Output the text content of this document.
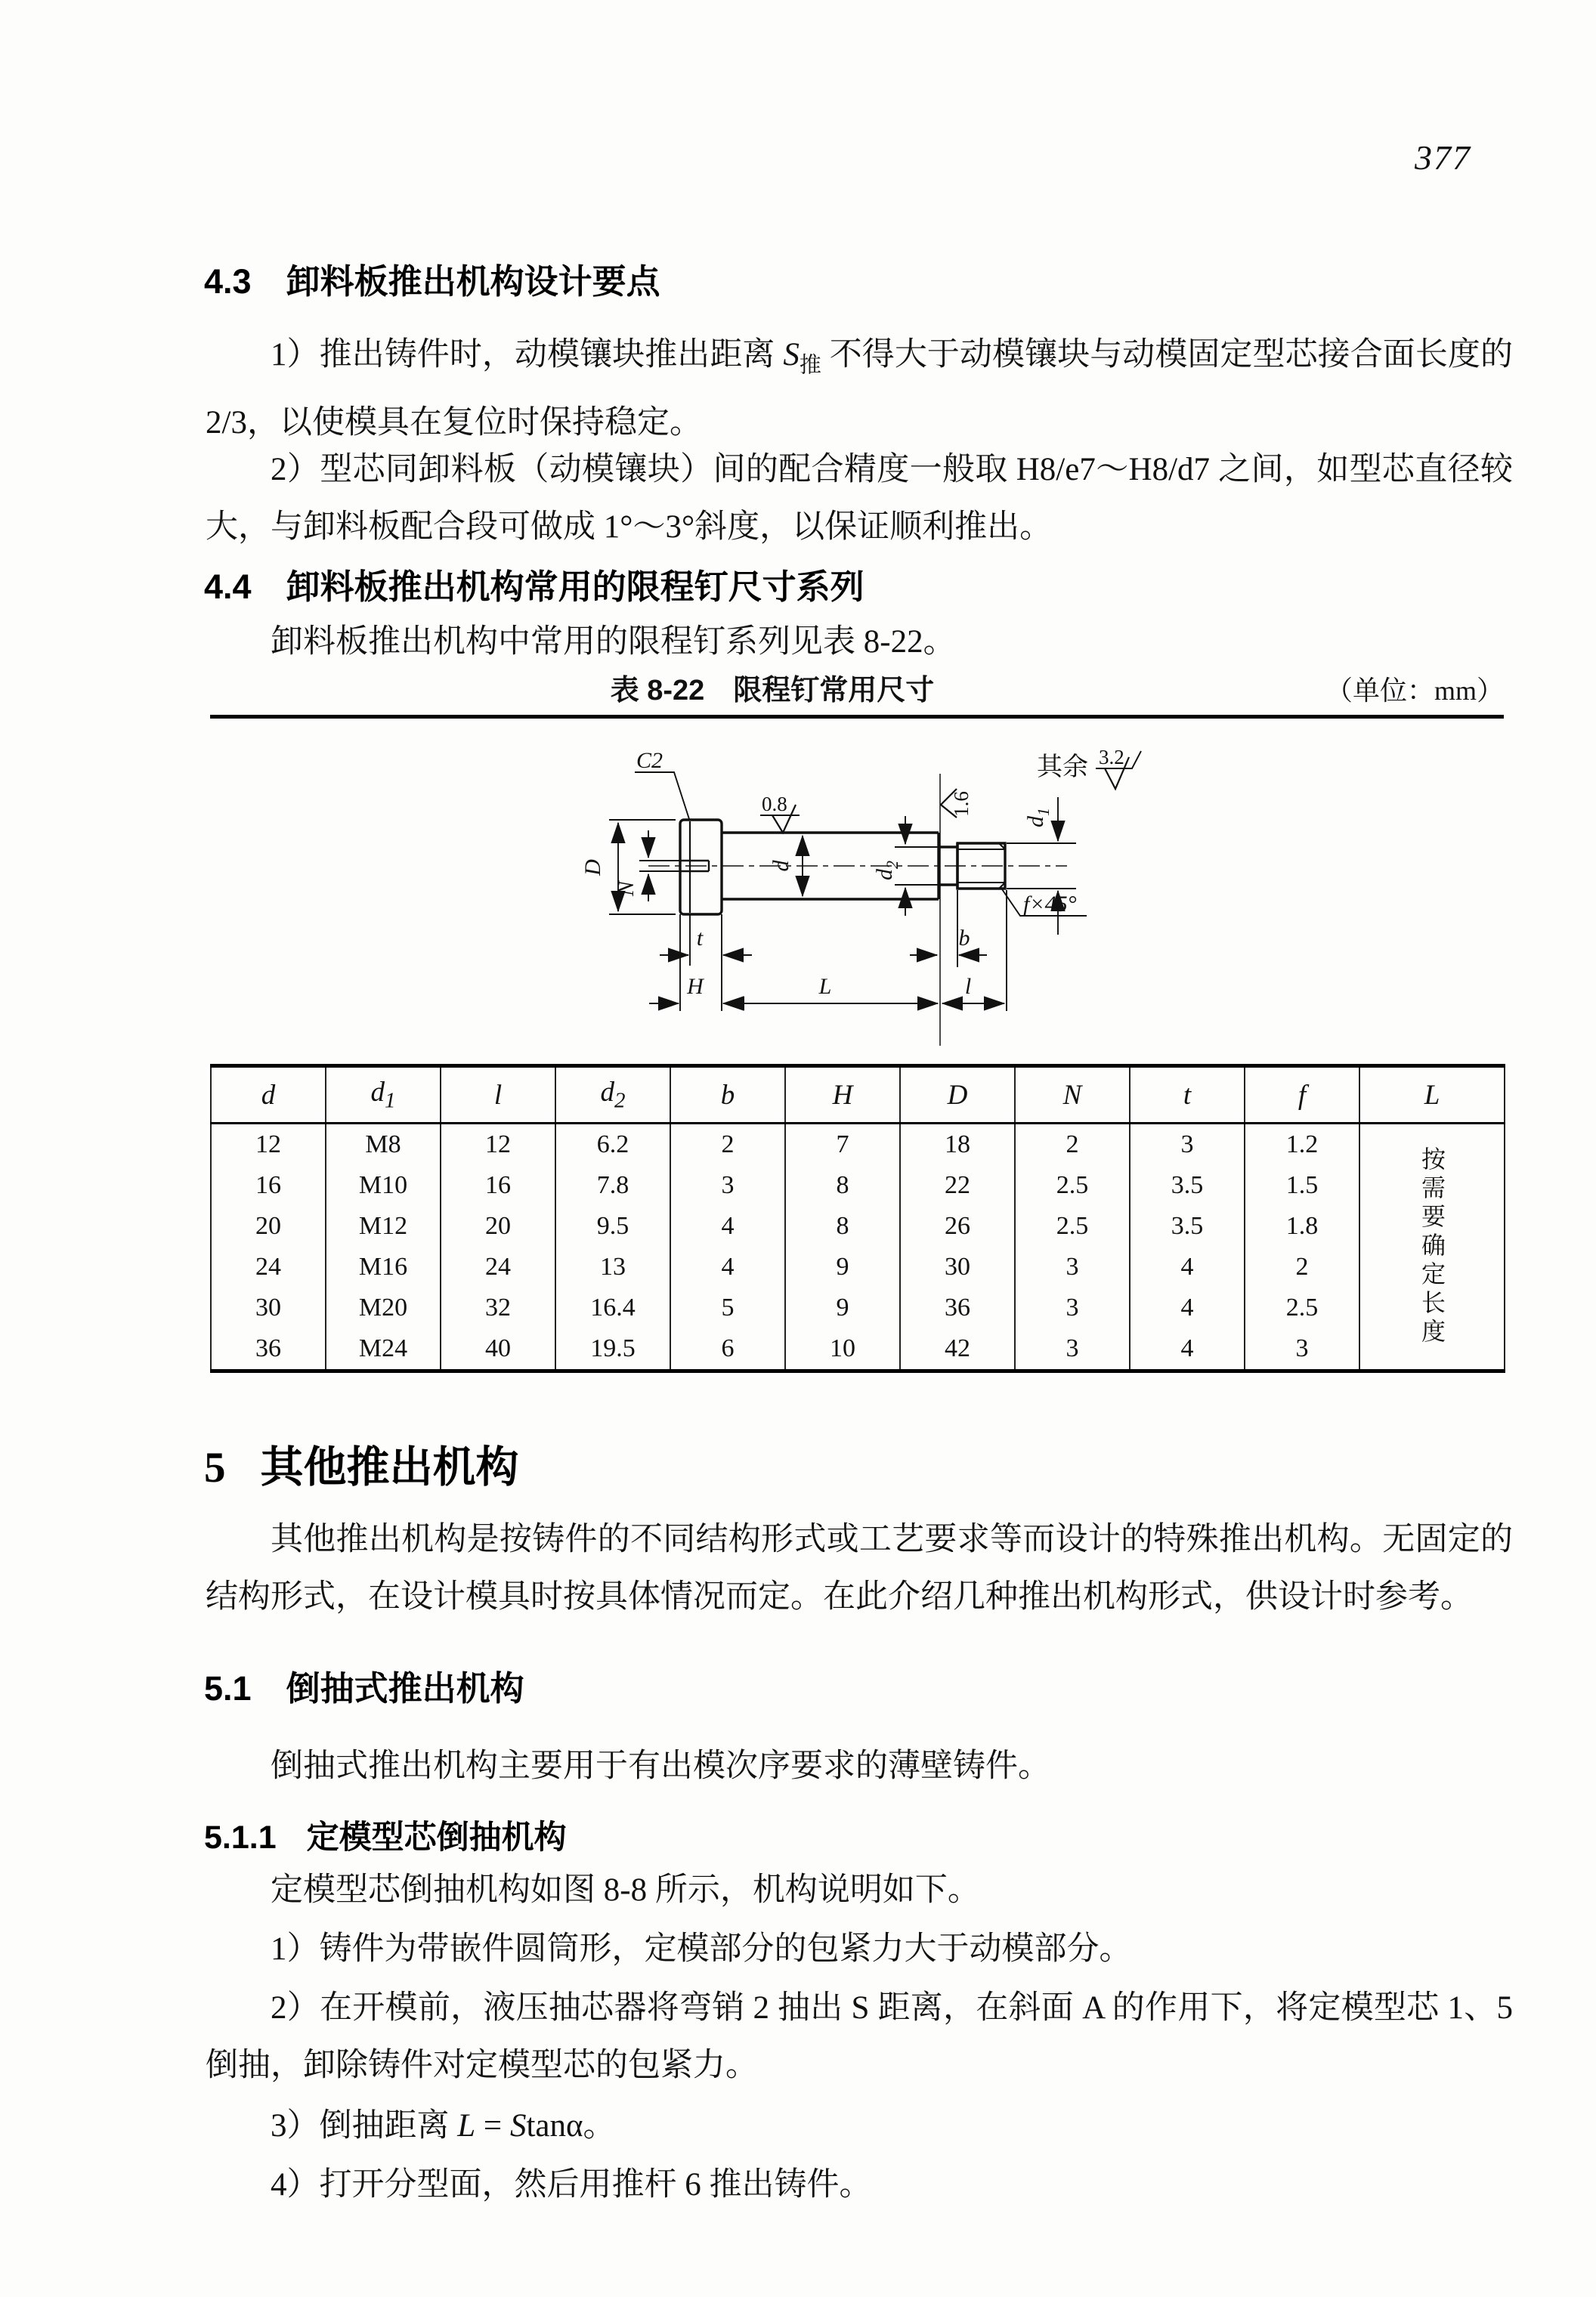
377
4.3 卸料板推出机构设计要点

1）推出铸件时，动模镶块推出距离 $S_推$ 不得大于动模镶块与动模固定型芯接合面长度的 2/3，以使模具在复位时保持稳定。

2）型芯同卸料板（动模镶块）间的配合精度一般取 H8/e7～H8/d7 之间，如型芯直径较大，与卸料板配合段可做成 1°～3°斜度，以保证顺利推出。

4.4 卸料板推出机构常用的限程钉尺寸系列

卸料板推出机构中常用的限程钉系列见表 8-22。

表 8-22　限程钉常用尺寸	（单位：mm）
D
N
C2
0.8
d
$d_2$
1.6
$d_1$
f×45°
b
t
H	L	l
其余 3.2
d	$d_1$	l	$d_2$	b	H	D	N	t	f	L
12	M8	12	6.2	2	7	18	2	3	1.2	按需要确定长度

16	M10	16	7.8	3	8	22	2.5	3.5	1.5	
20	M12	20	9.5	4	8	26	2.5	3.5	1.8	
24	M16	24	13	4	9	30	3	4	2	
30	M20	32	16.4	5	9	36	3	4	2.5	
36	M24	40	19.5	6	10	42	3	4	3	
5 其他推出机构

其他推出机构是按铸件的不同结构形式或工艺要求等而设计的特殊推出机构。无固定的结构形式，在设计模具时按具体情况而定。在此介绍几种推出机构形式，供设计时参考。

5.1 倒抽式推出机构

倒抽式推出机构主要用于有出模次序要求的薄壁铸件。

5.1.1 定模型芯倒抽机构

定模型芯倒抽机构如图 8-8 所示，机构说明如下。

1）铸件为带嵌件圆筒形，定模部分的包紧力大于动模部分。

2）在开模前，液压抽芯器将弯销 2 抽出 S 距离，在斜面 A 的作用下，将定模型芯 1、5 倒抽，卸除铸件对定模型芯的包紧力。

3）倒抽距离 L = Stanα。

4）打开分型面，然后用推杆 6 推出铸件。
